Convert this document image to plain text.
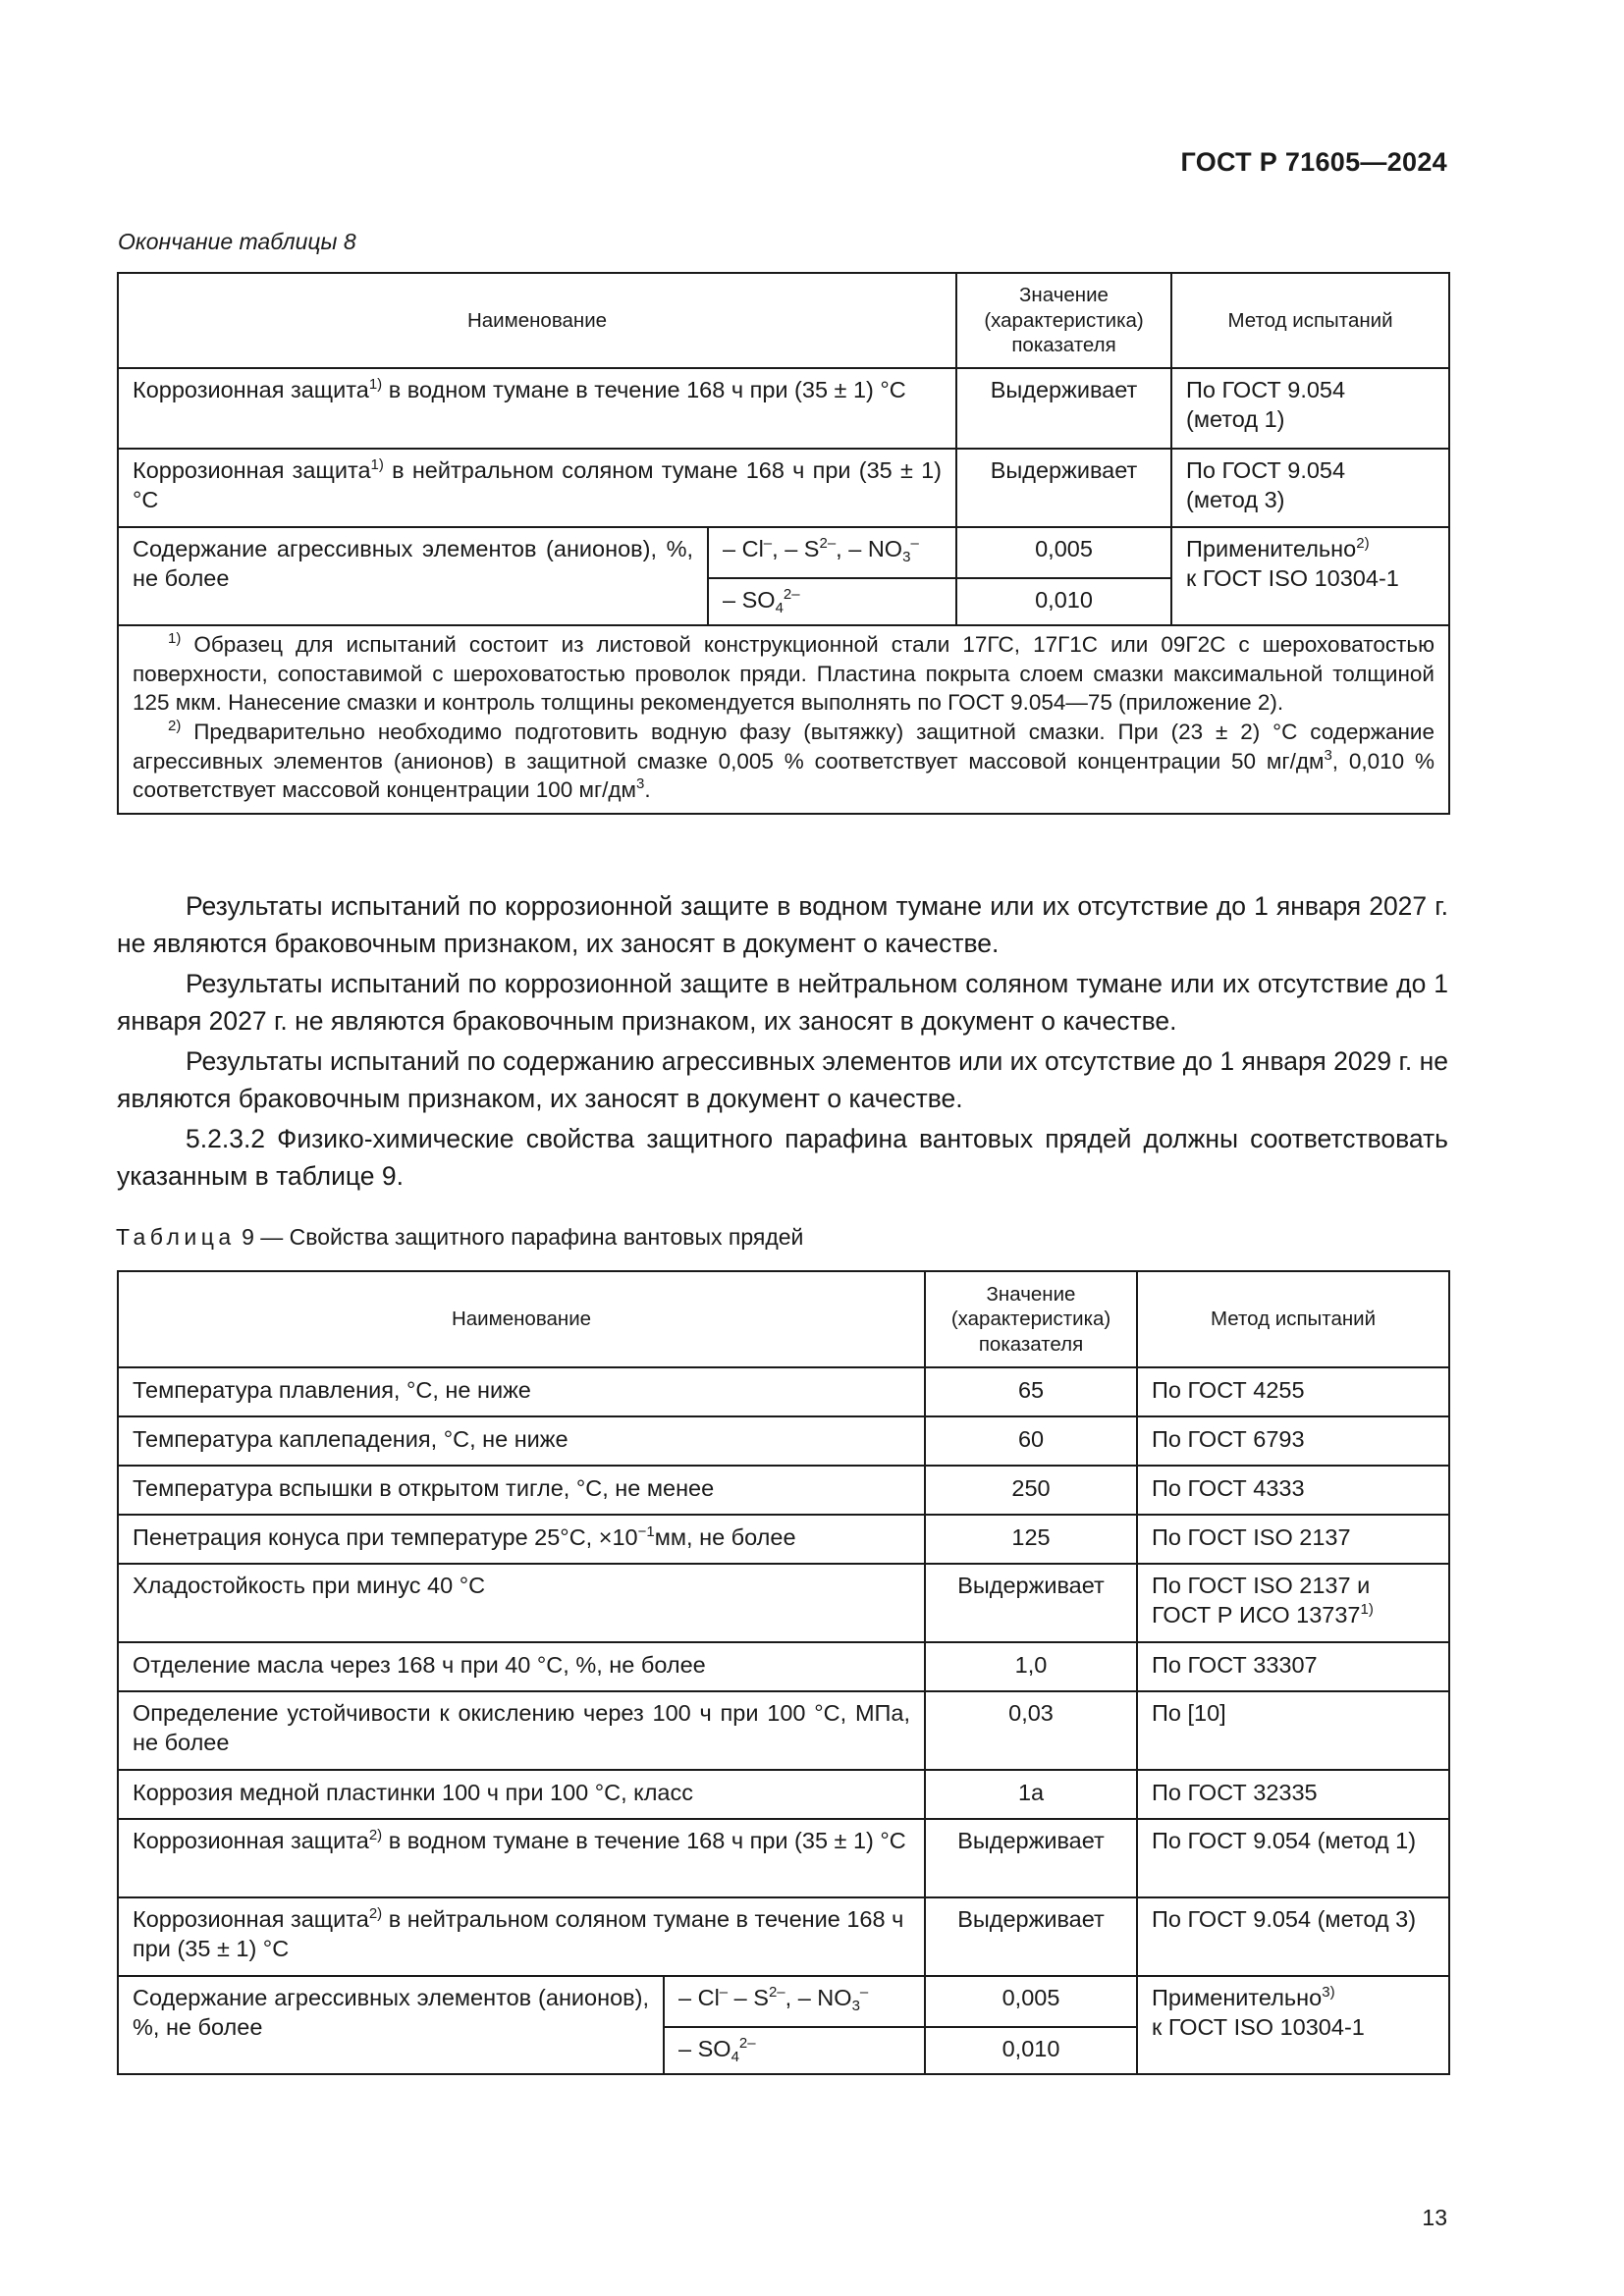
ГОСТ Р 71605—2024
Окончание таблицы 8
Наименование		Значение
(характеристика)
показателя	Метод испытаний
Коррозионная защита$^{1)}$ в водном тумане в течение 168 ч при (35 ± 1) °С		Выдерживает	По ГОСТ 9.054
(метод 1)
Коррозионная защита$^{1)}$ в нейтральном соляном тумане 168 ч при (35 ± 1) °С		Выдерживает	По ГОСТ 9.054
(метод 3)
Содержание агрессивных элементов (анионов), %, не более	– Cl–, – $S^{2-}$, – $NO_3^-$	0,005	Применительно$^{2)}$
к ГОСТ ISO 10304-1
	– $SO_4^{2-}$	0,010	

$^{1)}$ Образец для испытаний состоит из листовой конструкционной стали 17ГС, 17Г1С или 09Г2С с шероховатостью поверхности, сопоставимой с шероховатостью проволок пряди. Пластина покрыта слоем смазки максимальной толщиной 125 мкм. Нанесение смазки и контроль толщины рекомендуется выполнять по ГОСТ 9.054—75 (приложение 2).

$^{2)}$ Предварительно необходимо подготовить водную фазу (вытяжку) защитной смазки. При (23 ± 2) °С содержание агрессивных элементов (анионов) в защитной смазке 0,005 % соответствует массовой концентрации 50 $мг/дм^3$, 0,010 % соответствует массовой концентрации 100 $мг/дм^3$.			

Результаты испытаний по коррозионной защите в водном тумане или их отсутствие до 1 января 2027 г. не являются браковочным признаком, их заносят в документ о качестве.

Результаты испытаний по коррозионной защите в нейтральном соляном тумане или их отсутствие до 1 января 2027 г. не являются браковочным признаком, их заносят в документ о качестве.

Результаты испытаний по содержанию агрессивных элементов или их отсутствие до 1 января 2029 г. не являются браковочным признаком, их заносят в документ о качестве.

5.2.3.2 Физико-химические свойства защитного парафина вантовых прядей должны соответствовать указанным в таблице 9.

Таблица 9 — Свойства защитного парафина вантовых прядей
Наименование		Значение
(характеристика)
показателя	Метод испытаний
Температура плавления, °С, не ниже		65	По ГОСТ 4255
Температура каплепадения, °С, не ниже		60	По ГОСТ 6793
Температура вспышки в открытом тигле, °С, не менее		250	По ГОСТ 4333
Пенетрация конуса при температуре 25°С, $\times 10^{-1}мм$, не более		125	По ГОСТ ISO 2137
Хладостойкость при минус 40 °С		Выдерживает	По ГОСТ ISO 2137 и
ГОСТ Р ИСО 13737$^{1)}$
Отделение масла через 168 ч при 40 °С, %, не более		1,0	По ГОСТ 33307
Определение устойчивости к окислению через 100 ч при 100 °С, МПа, не более		0,03	По [10]
Коррозия медной пластинки 100 ч при 100 °С, класс		1а	По ГОСТ 32335
Коррозионная защита$^{2)}$ в водном тумане в течение 168 ч при (35 ± 1) °С		Выдерживает	По ГОСТ 9.054 (метод 1)
Коррозионная защита$^{2)}$ в нейтральном соляном тумане в течение 168 ч при (35 ± 1) °С		Выдерживает	По ГОСТ 9.054 (метод 3)
Содержание агрессивных элементов (анионов), %, не более	– $Cl^- - S^{2-}$, – $NO_3^-$	0,005	Применительно$^{3)}$
к ГОСТ ISO 10304-1
	– $SO_4^{2-}$	0,010	
13
